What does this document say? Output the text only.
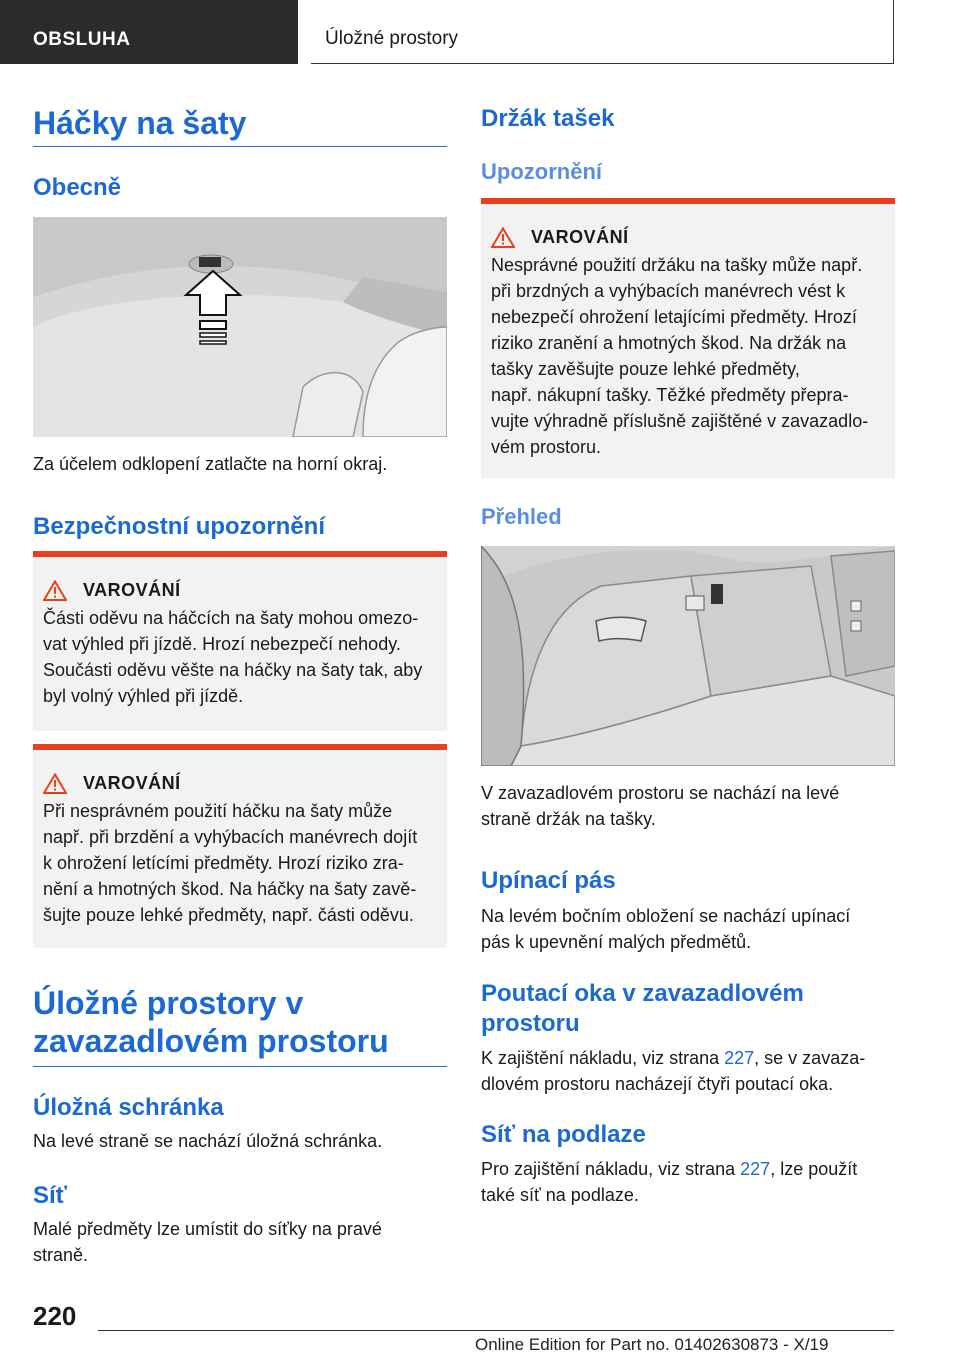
OBSLUHA	Úložné prostory
Háčky na šaty
Obecně

Za účelem odklopení zatlačte na horní okraj.

Bezpečnostní upozornění
VAROVÁNÍ
Části oděvu na háčcích na šaty mohou omezo-
vat výhled při jízdě. Hrozí nebezpečí nehody.
Součásti oděvu věšte na háčky na šaty tak, aby
byl volný výhled při jízdě.
VAROVÁNÍ
Při nesprávném použití háčku na šaty může
např. při brzdění a vyhýbacích manévrech dojít
k ohrožení letícími předměty. Hrozí riziko zra-
nění a hmotných škod. Na háčky na šaty zavě-
šujte pouze lehké předměty, např. části oděvu.
Úložné prostory v
zavazadlovém prostoru
Úložná schránka

Na levé straně se nachází úložná schránka.

Síť

Malé předměty lze umístit do síťky na pravé

straně.

Držák tašek
Upozornění
VAROVÁNÍ
Nesprávné použití držáku na tašky může např.
při brzdných a vyhýbacích manévrech vést k
nebezpečí ohrožení letajícími předměty. Hrozí
riziko zranění a hmotných škod. Na držák na
tašky zavěšujte pouze lehké předměty,
např. nákupní tašky. Těžké předměty přepra-
vujte výhradně příslušně zajištěné v zavazadlo-
vém prostoru.
Přehled

V zavazadlovém prostoru se nachází na levé

straně držák na tašky.

Upínací pás

Na levém bočním obložení se nachází upínací

pás k upevnění malých předmětů.

Poutací oka v zavazadlovém
prostoru

K zajištění nákladu, viz strana 227, se v zavaza-

dlovém prostoru nacházejí čtyři poutací oka.

Síť na podlaze

Pro zajištění nákladu, viz strana 227, lze použít

také síť na podlaze.

220
Online Edition for Part no. 01402630873 - X/19
